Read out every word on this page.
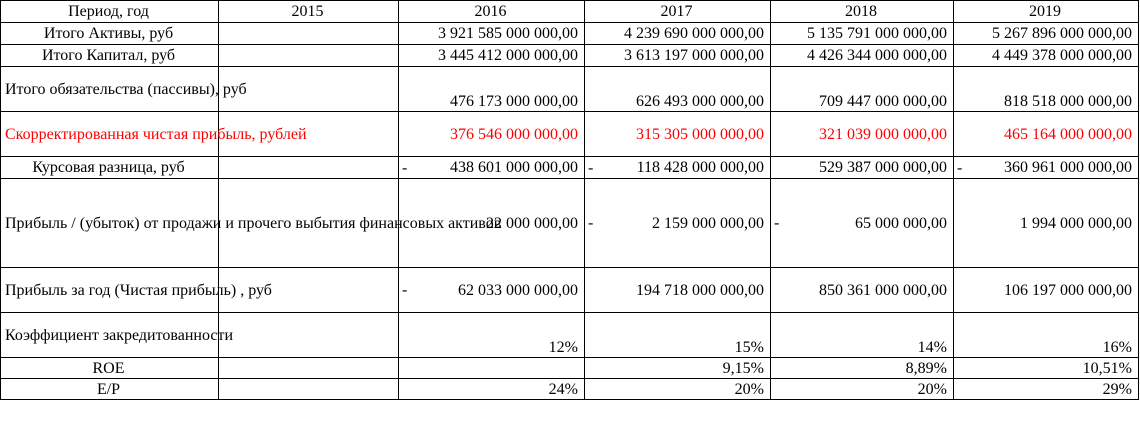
Период, год	2015	2016	2017	2018	2019
Итого Активы, руб		3 921 585 000 000,00	4 239 690 000 000,00	5 135 791 000 000,00	5 267 896 000 000,00
Итого Капитал, руб		3 445 412 000 000,00	3 613 197 000 000,00	4 426 344 000 000,00	4 449 378 000 000,00
Итого обязательства (пассивы), руб		476 173 000 000,00	626 493 000 000,00	709 447 000 000,00	818 518 000 000,00
Скорректированная чистая прибыль, рублей		376 546 000 000,00	315 305 000 000,00	321 039 000 000,00	465 164 000 000,00
Курсовая разница, руб		- 438 601 000 000,00	- 118 428 000 000,00	529 387 000 000,00	- 360 961 000 000,00
Прибыль / (убыток) от продажи и прочего выбытия финансовых активов		22 000 000,00	- 2 159 000 000,00	- 65 000 000,00	1 994 000 000,00
Прибыль за год (Чистая прибыль) , руб		- 62 033 000 000,00	194 718 000 000,00	850 361 000 000,00	106 197 000 000,00
Коэффициент закредитованности		12%	15%	14%	16%
ROE			9,15%	8,89%	10,51%
E/P		24%	20%	20%	29%
